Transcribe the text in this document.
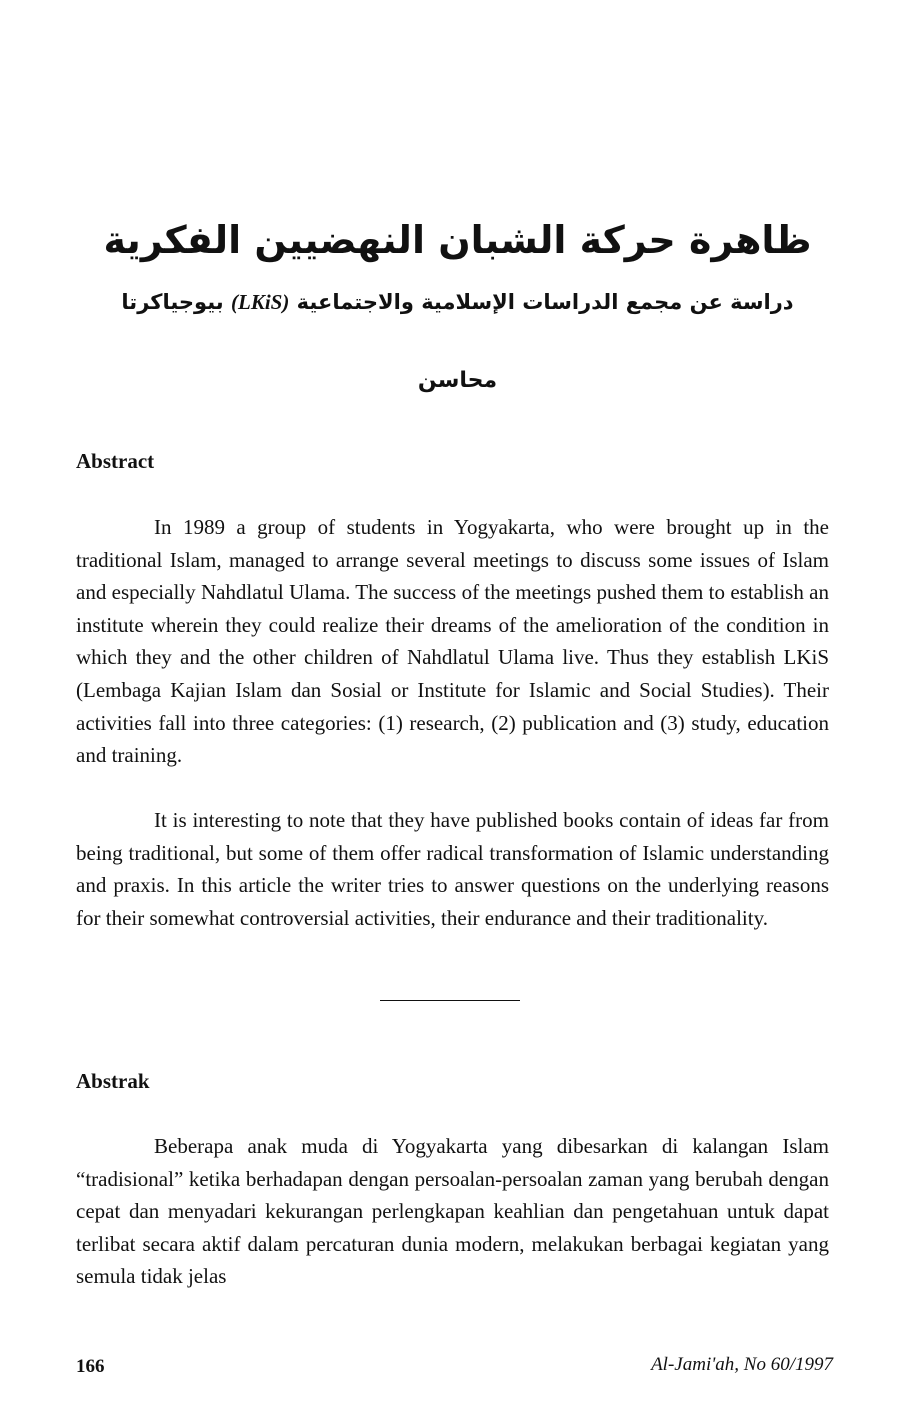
ظاهرة حركة الشبان النهضيين الفكرية
دراسة عن مجمع الدراسات الإسلامية والاجتماعية (LKiS) بيوجياكرتا
محاسن
Abstract

In 1989 a group of students in Yogyakarta, who were brought up in the traditional Islam, managed to arrange several meetings to discuss some issues of Islam and especially Nahdlatul Ulama. The success of the meetings pushed them to establish an institute wherein they could realize their dreams of the amelioration of the condition in which they and the other children of Nahdlatul Ulama live. Thus they establish LKiS (Lembaga Kajian Islam dan Sosial or Institute for Islamic and Social Studies). Their activities fall into three categories: (1) research, (2) publication and (3) study, education and training.

It is interesting to note that they have published books contain of ideas far from being traditional, but some of them offer radical transformation of Islamic understanding and praxis. In this article the writer tries to answer questions on the underlying reasons for their somewhat controversial activities, their endurance and their traditionality.

Abstrak

Beberapa anak muda di Yogyakarta yang dibesarkan di kalangan Islam “tradisional” ketika berhadapan dengan persoalan-persoalan zaman yang berubah dengan cepat dan menyadari kekurangan perlengkapan keahlian dan pengetahuan untuk dapat terlibat secara aktif dalam percaturan dunia modern, melakukan berbagai kegiatan yang semula tidak jelas

166	Al-Jami'ah, No 60/1997
